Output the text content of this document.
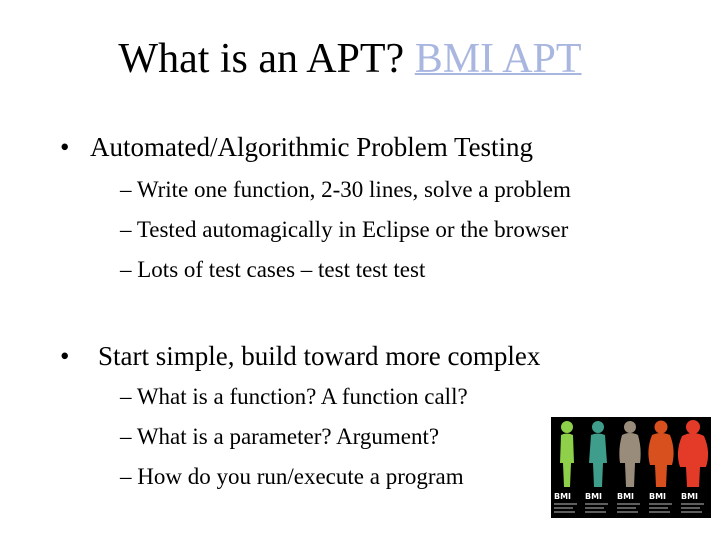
What is an APT? BMI APT
• Automated/Algorithmic Problem Testing
– Write one function, 2-30 lines, solve a problem
– Tested automagically in Eclipse or the browser
– Lots of test cases – test test test
• Start simple, build toward more complex
– What is a function? A function call?
– What is a parameter? Argument?
– How do you run/execute a program
BMI BMI BMI BMI BMI
